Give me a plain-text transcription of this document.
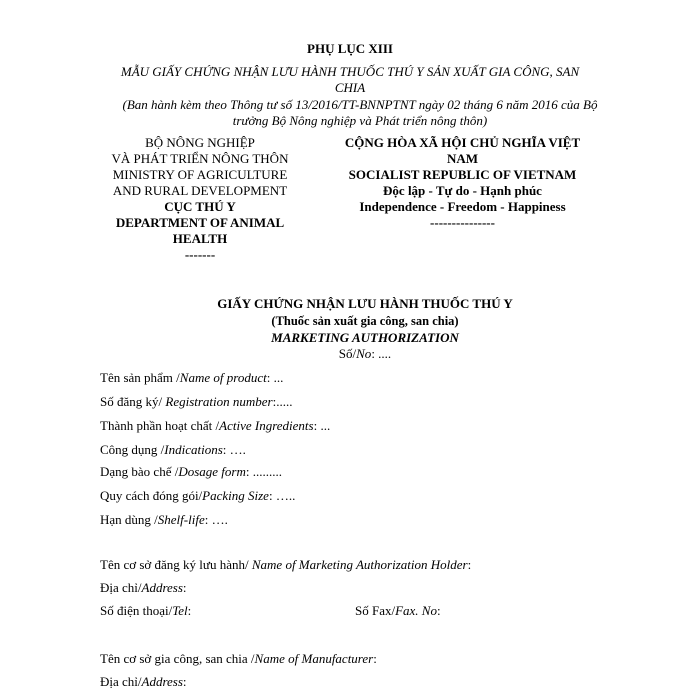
PHỤ LỤC XIII
MẪU GIẤY CHỨNG NHẬN LƯU HÀNH THUỐC THÚ Y SẢN XUẤT GIA CÔNG, SAN
CHIA
(Ban hành kèm theo Thông tư số 13/2016/TT-BNNPTNT ngày 02 tháng 6 năm 2016 của Bộ
trưởng Bộ Nông nghiệp và Phát triển nông thôn)
BỘ NÔNG NGHIỆP
VÀ PHÁT TRIỂN NÔNG THÔN
MINISTRY OF AGRICULTURE
AND RURAL DEVELOPMENT
CỤC THÚ Y
DEPARTMENT OF ANIMAL
HEALTH
-------
CỘNG HÒA XÃ HỘI CHỦ NGHĨA VIỆT
NAM
SOCIALIST REPUBLIC OF VIETNAM
Độc lập - Tự do - Hạnh phúc
Independence - Freedom - Happiness
---------------
GIẤY CHỨNG NHẬN LƯU HÀNH THUỐC THÚ Y
(Thuốc sản xuất gia công, san chia)
MARKETING AUTHORIZATION
Số/No: ....
Tên sản phẩm /Name of product: ...
Số đăng ký/ Registration number:.....
Thành phần hoạt chất /Active Ingredients: ...
Công dụng /Indications: ….
Dạng bào chế /Dosage form: .........
Quy cách đóng gói/Packing Size: …..
Hạn dùng /Shelf-life: ….
Tên cơ sở đăng ký lưu hành/ Name of Marketing Authorization Holder:
Địa chỉ/Address:
Số điện thoại/Tel:	Số Fax/Fax. No:
Tên cơ sở gia công, san chia /Name of Manufacturer:
Địa chỉ/Address:
